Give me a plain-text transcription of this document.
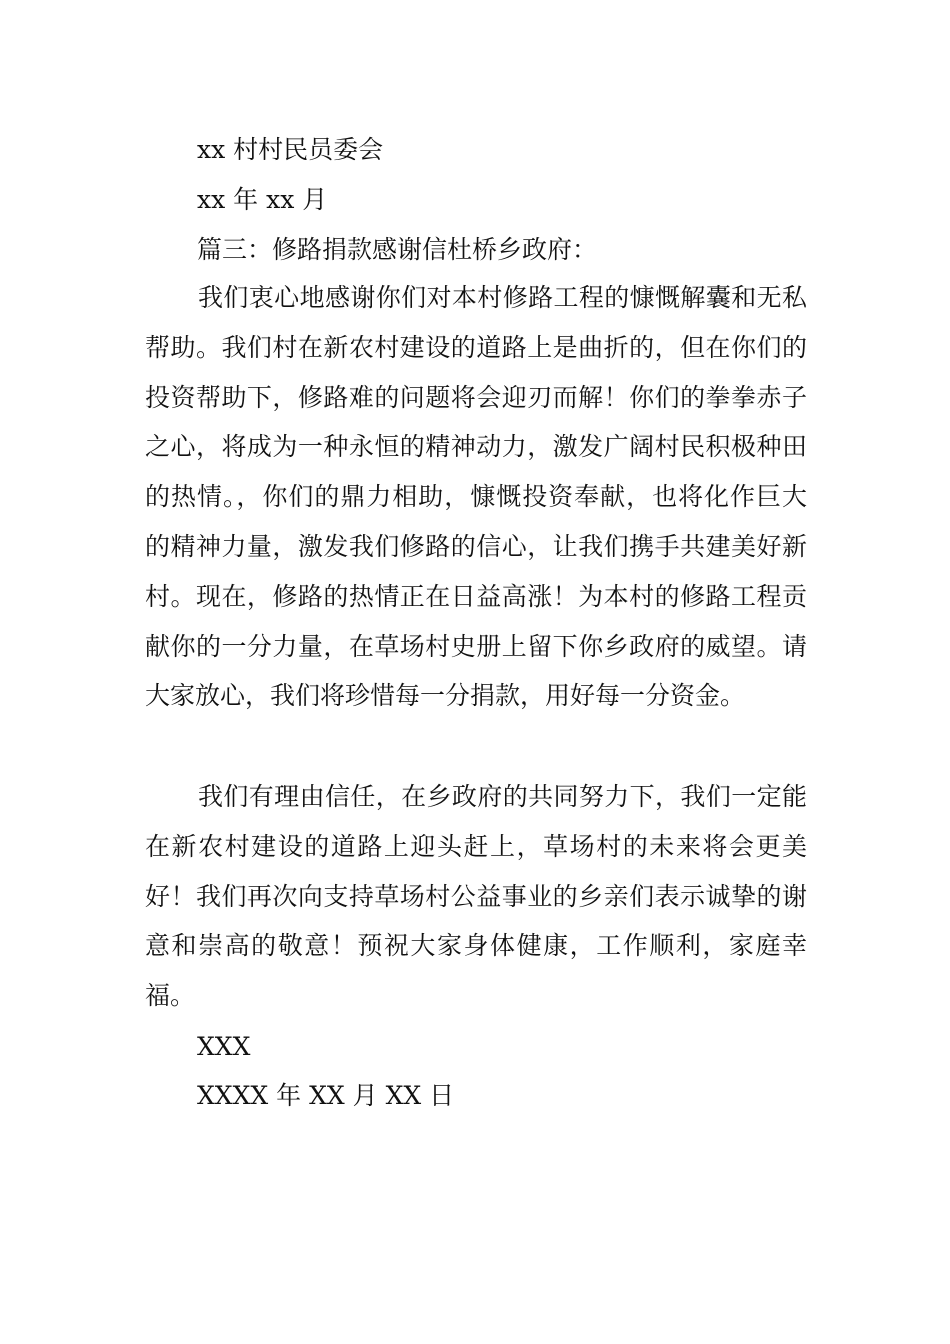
xx 村村民员委会
xx 年 xx 月
篇三：修路捐款感谢信杜桥乡政府：

我们衷心地感谢你们对本村修路工程的慷慨解囊和无私帮助。我们村在新农村建设的道路上是曲折的，但在你们的投资帮助下，修路难的问题将会迎刃而解！你们的拳拳赤子之心，将成为一种永恒的精神动力，激发广阔村民积极种田的热情。，你们的鼎力相助，慷慨投资奉献，也将化作巨大的精神力量，激发我们修路的信心，让我们携手共建美好新村。现在，修路的热情正在日益高涨！为本村的修路工程贡献你的一分力量，在草场村史册上留下你乡政府的威望。请大家放心，我们将珍惜每一分捐款，用好每一分资金。

我们有理由信任，在乡政府的共同努力下，我们一定能在新农村建设的道路上迎头赶上，草场村的未来将会更美好！我们再次向支持草场村公益事业的乡亲们表示诚挚的谢意和崇高的敬意！预祝大家身体健康，工作顺利，家庭幸福。

XXX
XXXX 年 XX 月 XX 日
